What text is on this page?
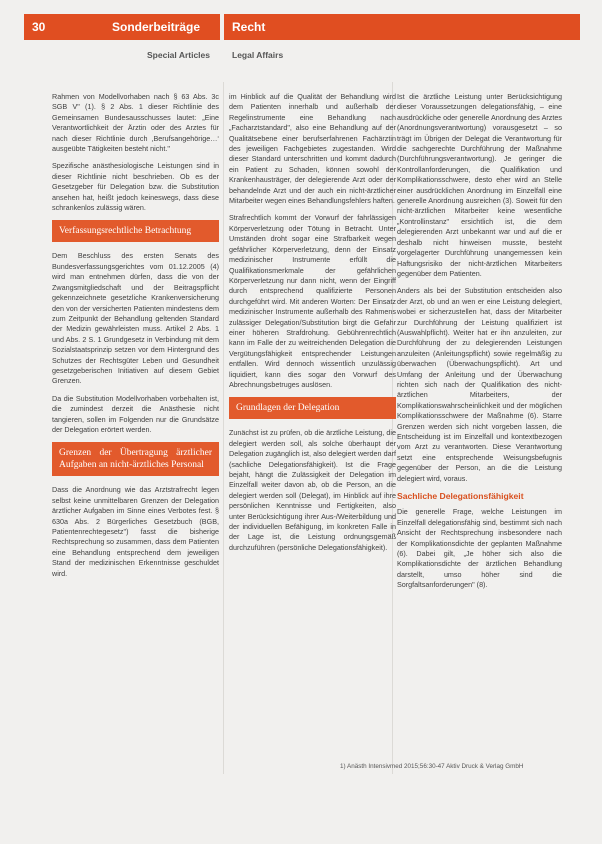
30	Sonderbeiträge	Recht
Special Articles	Legal Affairs

Rahmen von Modellvorhaben nach § 63 Abs. 3c SGB V" (1). § 2 Abs. 1 dieser Richtlinie des Gemeinsamen Bundesausschusses lautet: „Eine Verantwortlichkeit der Ärztin oder des Arztes für nach dieser Richtlinie durch ‚Berufsangehörige…‘ ausgeübte Tätigkeiten besteht nicht."

Spezifische anästhesiologische Leistungen sind in dieser Richtlinie nicht beschrieben. Ob es der Gesetzgeber für Delegation bzw. die Substitution ansehen hat, heißt jedoch keineswegs, dass diese schrankenlos zulässig wären.

Verfassungsrechtliche Betrachtung

Dem Beschluss des ersten Senats des Bundesverfassungsgerichtes vom 01.12.2005 (4) wird man entnehmen dürfen, dass die von der Zwangsmitgliedschaft und der Beitragspflicht gekennzeichnete gesetzliche Krankenversicherung den von der versicherten Patienten mindestens dem zum Zeitpunkt der Behandlung geltenden Standard der Medizin gewährleisten muss. Artikel 2 Abs. 1 und Abs. 2 S. 1 Grundgesetz in Verbindung mit dem Sozialstaatsprinzip setzen vor dem Hintergrund des Schutzes der Rechtsgüter Leben und Gesundheit gesetzgeberischen Initiativen auf diesem Gebiet Grenzen.

Da die Substitution Modellvorhaben vorbehalten ist, die zumindest derzeit die Anästhesie nicht tangieren, sollen im Folgenden nur die Grundsätze der Delegation erörtert werden.

Grenzen der Übertragung ärztlicher Aufgaben an nicht-ärztliches Personal

Dass die Anordnung wie das Arztstrafrecht legen selbst keine unmittelbaren Grenzen der Delegation ärztlicher Aufgaben im Sinne eines Verbotes fest. § 630a Abs. 2 Bürgerliches Gesetzbuch (BGB, Patientenrechtegesetz") fasst die bisherige Rechtsprechung so zusammen, dass dem Patienten eine Behandlung entsprechend dem jeweiligen Stand der medizinischen Erkenntnisse geschuldet wird.

im Hinblick auf die Qualität der Behandlung wird dem Patienten innerhalb und außerhalb der Regelinstrumente eine Behandlung nach „Facharztstandard", also eine Behandlung auf der Qualitätsebene einer berufserfahrenen Fachärztin des jeweiligen Fachgebietes zugestanden. Wird dieser Standard unterschritten und kommt dadurch ein Patient zu Schaden, können sowohl der Krankenhausträger, der delegierende Arzt oder der behandelnde Arzt und der auch ein nicht-ärztlicher Mitarbeiter wegen eines Behandlungsfehlers haften.

Strafrechtlich kommt der Vorwurf der fahrlässigen Körperverletzung oder Tötung in Betracht. Unter Umständen droht sogar eine Strafbarkeit wegen gefährlicher Körperverletzung, denn der Einsatz medizinischer Instrumente erfüllt die Qualifikationsmerkmale der gefährlichen Körperverletzung nur dann nicht, wenn der Eingriff durch entsprechend qualifizierte Personen durchgeführt wird. Mit anderen Worten: Der Einsatz medizinischer Instrumente außerhalb des Rahmens zulässiger Delegation/Substitution birgt die Gefahr einer höheren Strafdrohung. Gebührenrechtlich kann im Falle der zu weitreichenden Delegation die Vergütungsfähigkeit entsprechender Leistungen entfallen. Wird dennoch wissentlich unzulässig liquidiert, kann dies sogar den Vorwurf des Abrechnungsbetruges auslösen.

Grundlagen der Delegation

Zunächst ist zu prüfen, ob die ärztliche Leistung, die delegiert werden soll, als solche überhaupt der Delegation zugänglich ist, also delegiert werden darf (sachliche Delegationsfähigkeit). Ist die Frage bejaht, hängt die Zulässigkeit der Delegation im Einzelfall weiter davon ab, ob die Person, an die delegiert werden soll (Delegat), im Hinblick auf ihre persönlichen Kenntnisse und Fertigkeiten, also unter Berücksichtigung ihrer Aus-/Weiterbildung und der individuellen Befähigung, im konkreten Falle in der Lage ist, die Leistung ordnungsgemäß durchzuführen (persönliche Delegationsfähigkeit).

Ist die ärztliche Leistung unter Berücksichtigung dieser Voraussetzungen delegationsfähig, – eine ausdrückliche oder generelle Anordnung des Arztes (Anordnungsverantwortung) vorausgesetzt – so trägt im Übrigen der Delegat die Verantwortung für die sachgerechte Durchführung der Maßnahme (Durchführungsverantwortung). Je geringer die Kontrollanforderungen, die Qualifikation und Komplikationsschwere, desto eher wird an Stelle einer ausdrücklichen Anordnung im Einzelfall eine generelle Anordnung ausreichen (3). Soweit für den nicht-ärztlichen Mitarbeiter keine wesentliche „Kontrollinstanz" ersichtlich ist, die dem delegierenden Arzt unbekannt war und auf die er deshalb nicht hinweisen musste, besteht vorgelagerter Durchführung unangemessen kein Haftungsrisiko der nicht-ärztlichen Mitarbeiters gegenüber dem Patienten.

Anders als bei der Substitution entscheiden also der Arzt, ob und an wen er eine Leistung delegiert, wobei er sicherzustellen hat, dass der Mitarbeiter zur Durchführung der Leistung qualifiziert ist (Auswahlpflicht). Weiter hat er ihn anzuleiten, zur Durchführung der zu delegierenden Leistungen anzuleiten (Anleitungspflicht) sowie regelmäßig zu überwachen (Überwachungspflicht). Art und Umfang der Anleitung und der Überwachung richten sich nach der Qualifikation des nicht-ärztlichen Mitarbeiters, der Komplikationswahrscheinlichkeit und der möglichen Komplikationsschwere der Maßnahme (6). Starre Grenzen werden sich nicht vorgeben lassen, die Entscheidung ist im Einzelfall und kontextbezogen vom Arzt zu verantworten. Diese Verantwortung setzt eine entsprechende Weisungsbefugnis gegenüber der Person, an die die Leistung delegiert wird, voraus.

Sachliche Delegationsfähigkeit

Die generelle Frage, welche Leistungen im Einzelfall delegationsfähig sind, bestimmt sich nach Ansicht der Rechtsprechung insbesondere nach der Komplikationsdichte der geplanten Maßnahme (6). Dabei gilt, „Je höher sich also die Komplikationsdichte der ärztlichen Behandlung darstellt, umso höher sind die Sorgfaltsanforderungen" (8).

1) Anästh Intensivmed 2015;56:30-47 Aktiv Druck & Verlag GmbH
